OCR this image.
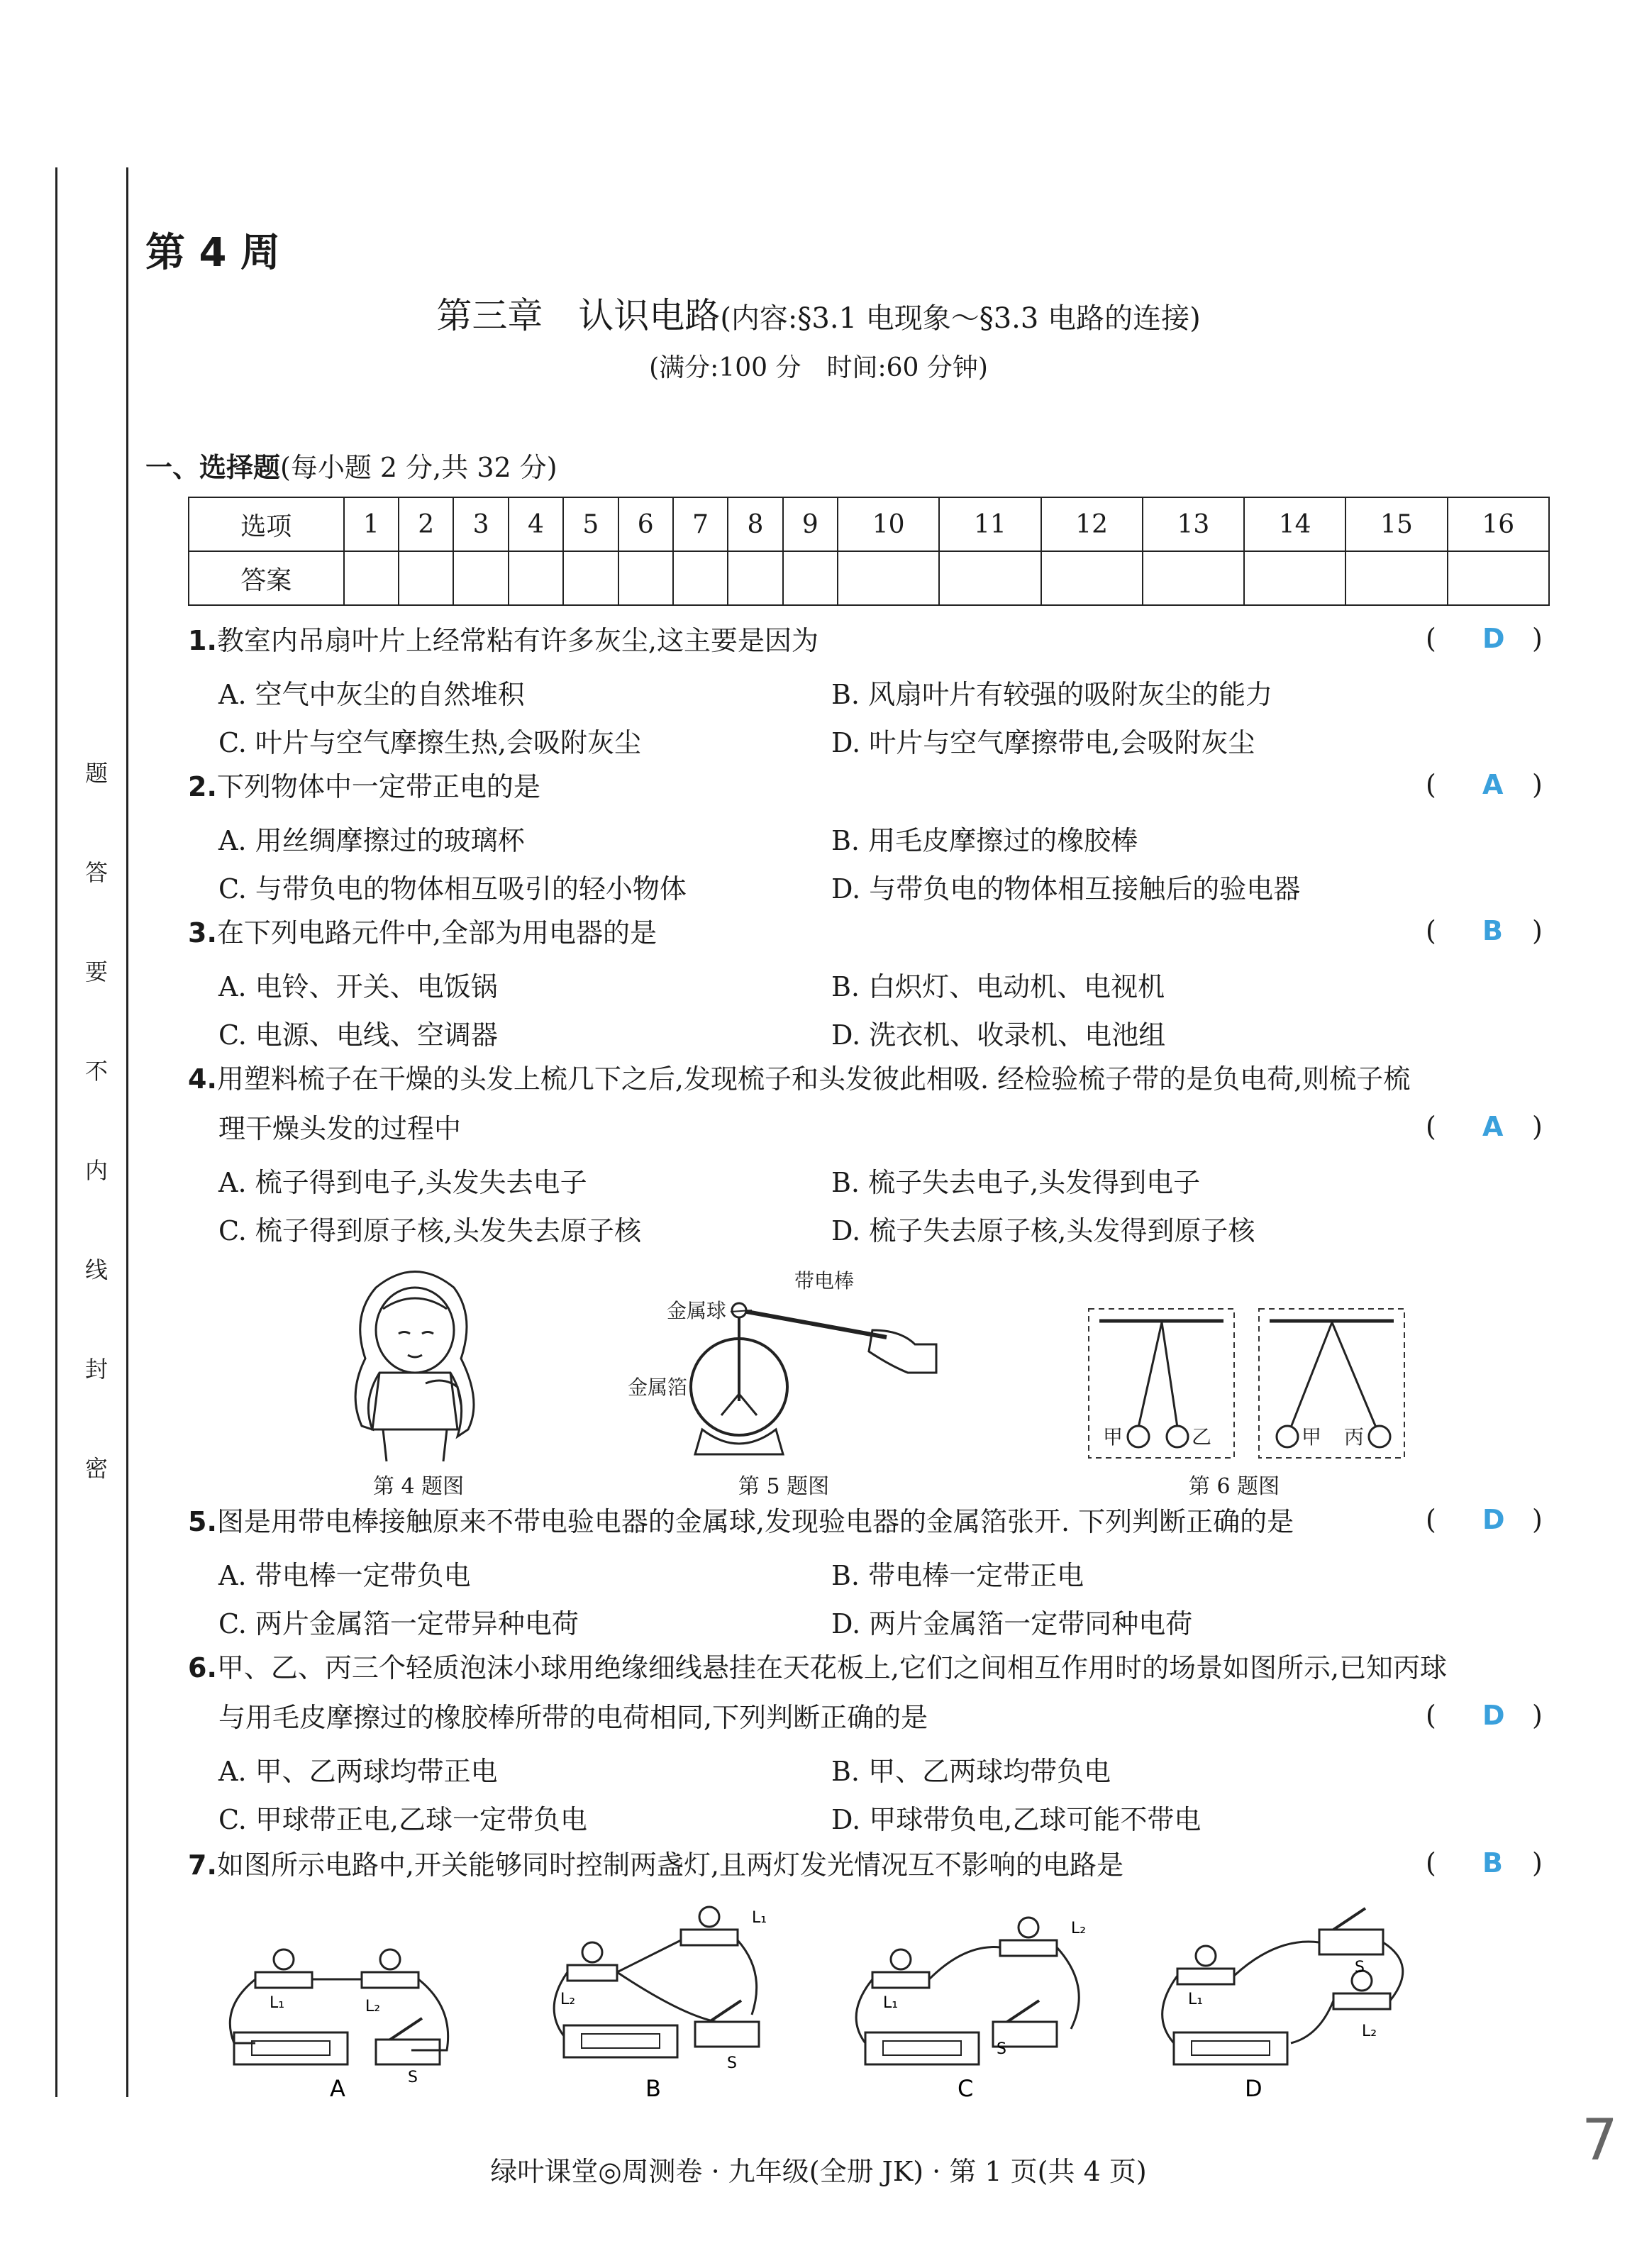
题
答
要
不
内
线
封
密
第 4 周
第三章　认识电路(内容:§3.1 电现象～§3.3 电路的连接)
(满分:100 分　时间:60 分钟)
一、选择题(每小题 2 分,共 32 分)
选项	1	2	3	4	5	6	7	8	9	10	11	12	13	14	15	16
答案																
1.教室内吊扇叶片上经常粘有许多灰尘,这主要是因为	( D )
A. 空气中灰尘的自然堆积	B. 风扇叶片有较强的吸附灰尘的能力
C. 叶片与空气摩擦生热,会吸附灰尘	D. 叶片与空气摩擦带电,会吸附灰尘
2.下列物体中一定带正电的是	( A )
A. 用丝绸摩擦过的玻璃杯	B. 用毛皮摩擦过的橡胶棒
C. 与带负电的物体相互吸引的轻小物体	D. 与带负电的物体相互接触后的验电器
3.在下列电路元件中,全部为用电器的是	( B )
A. 电铃、开关、电饭锅	B. 白炽灯、电动机、电视机
C. 电源、电线、空调器	D. 洗衣机、收录机、电池组
4.用塑料梳子在干燥的头发上梳几下之后,发现梳子和头发彼此相吸. 经检验梳子带的是负电荷,则梳子梳
理干燥头发的过程中	( A )
A. 梳子得到电子,头发失去电子	B. 梳子失去电子,头发得到电子
C. 梳子得到原子核,头发失去原子核	D. 梳子失去原子核,头发得到原子核
第 4 题图
带电棒
金属球
金属箔
第 5 题图
甲	乙	甲 丙
第 6 题图
5.图是用带电棒接触原来不带电验电器的金属球,发现验电器的金属箔张开. 下列判断正确的是	( D )
A. 带电棒一定带负电	B. 带电棒一定带正电
C. 两片金属箔一定带异种电荷	D. 两片金属箔一定带同种电荷
6.甲、乙、丙三个轻质泡沫小球用绝缘细线悬挂在天花板上,它们之间相互作用时的场景如图所示,已知丙球
与用毛皮摩擦过的橡胶棒所带的电荷相同,下列判断正确的是	( D )
A. 甲、乙两球均带正电	B. 甲、乙两球均带负电
C. 甲球带正电,乙球一定带负电	D. 甲球带负电,乙球可能不带电
7.如图所示电路中,开关能够同时控制两盏灯,且两灯发光情况互不影响的电路是	( B )
L₁	L₂
S
A
L₁
L₂
S
B
L₂
L₁
S
C
L₁
S
L₂
D
绿叶课堂◎周测卷 · 九年级(全册 JK) · 第 1 页(共 4 页)	7
